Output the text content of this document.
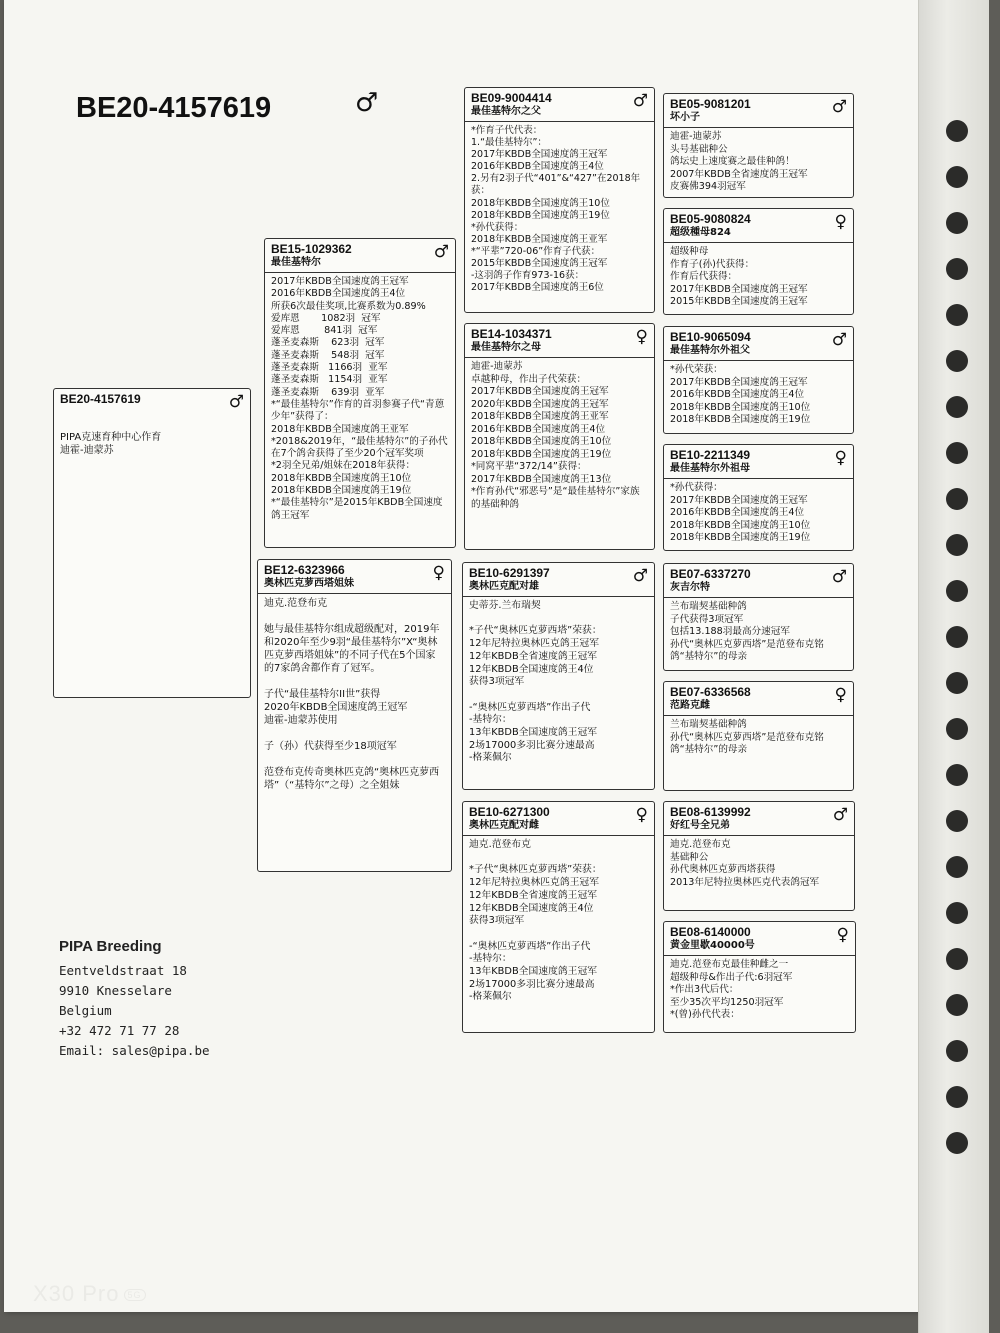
BE20-4157619	♂
BE20-4157619	♂
PIPA克速育种中心作育
迪霍-迪蒙苏
BE15-1029362
最佳基特尔
♂
2017年KBDB全国速度鸽王冠军
2016年KBDB全国速度鸽王4位
所获6次最佳奖项,比赛系数为0.89%
爱库恩       1082羽  冠军
爱库恩        841羽  冠军
蓬圣麦森斯    623羽  冠军
蓬圣麦森斯    548羽  冠军
蓬圣麦森斯   1166羽  亚军
蓬圣麦森斯   1154羽  亚军
蓬圣麦森斯    639羽  亚军
*“最佳基特尔”作育的首羽参赛子代“青蒽少年”获得了：
2018年KBDB全国速度鸽王亚军
*2018&2019年，“最佳基特尔”的子孙代在7个鸽舍获得了至少20个冠军奖项
*2羽全兄弟/姐妹在2018年获得：
2018年KBDB全国速度鸽王10位
2018年KBDB全国速度鸽王19位
*“最佳基特尔”是2015年KBDB全国速度鸽王冠军
BE12-6323966
奥林匹克萝西塔姐妹
♀
迪克.范登布克

她与最佳基特尔组成超级配对，2019年和2020年至少9羽“最佳基特尔”X“奥林匹克萝西塔姐妹”的不同子代在5个国家的7家鸽舍都作育了冠军。

子代“最佳基特尔II世”获得
2020年KBDB全国速度鸽王冠军
迪霍-迪蒙苏使用

子（孙）代获得至少18项冠军

范登布克传奇奥林匹克鸽“奥林匹克萝西塔”（“基特尔”之母）之全姐妹
BE09-9004414
最佳基特尔之父
♂
*作育子代代表：
1.“最佳基特尔”：
2017年KBDB全国速度鸽王冠军
2016年KBDB全国速度鸽王4位
2.另有2羽子代“401”&“427”在2018年获：
2018年KBDB全国速度鸽王10位
2018年KBDB全国速度鸽王19位
*孙代获得：
2018年KBDB全国速度鸽王亚军
*“平辈”720-06”作育子代获：
2015年KBDB全国速度鸽王冠军
-这羽鸽子作育973-16获：
2017年KBDB全国速度鸽王6位
BE14-1034371
最佳基特尔之母
♀
迪霍-迪蒙苏
卓越种母，作出子代荣获：
2017年KBDB全国速度鸽王冠军
2020年KBDB全国速度鸽王冠军
2018年KBDB全国速度鸽王亚军
2016年KBDB全国速度鸽王4位
2018年KBDB全国速度鸽王10位
2018年KBDB全国速度鸽王19位
*同窝平辈“372/14”获得：
2017年KBDB全国速度鸽王13位
*作育孙代“邪恶号”是“最佳基特尔”家族的基础种鸽
BE10-6291397
奥林匹克配对雄
♂
史蒂芬.兰布瑞契

*子代“奥林匹克萝西塔”荣获：
12年尼特拉奥林匹克鸽王冠军
12年KBDB全省速度鸽王冠军
12年KBDB全国速度鸽王4位
获得3项冠军

-“奥林匹克萝西塔”作出子代
-基特尔：
13年KBDB全国速度鸽王冠军
2场17000多羽比赛分速最高
-格莱佩尔
BE10-6271300
奥林匹克配对雌
♀
迪克.范登布克

*子代“奥林匹克萝西塔”荣获：
12年尼特拉奥林匹克鸽王冠军
12年KBDB全省速度鸽王冠军
12年KBDB全国速度鸽王4位
获得3项冠军

-“奥林匹克萝西塔”作出子代
-基特尔：
13年KBDB全国速度鸽王冠军
2场17000多羽比赛分速最高
-格莱佩尔
BE05-9081201
坏小子
♂
迪霍-迪蒙苏
头号基础种公
鸽坛史上速度赛之最佳种鸽！
2007年KBDB全省速度鸽王冠军
皮赛佛394羽冠军
BE05-9080824
超级種母824
♀
超级种母
作育子(孙)代获得：
作育后代获得：
2017年KBDB全国速度鸽王冠军
2015年KBDB全国速度鸽王冠军
BE10-9065094
最佳基特尔外祖父
♂
*孙代荣获：
2017年KBDB全国速度鸽王冠军
2016年KBDB全国速度鸽王4位
2018年KBDB全国速度鸽王10位
2018年KBDB全国速度鸽王19位
BE10-2211349
最佳基特尔外祖母
♀
*孙代获得：
2017年KBDB全国速度鸽王冠军
2016年KBDB全国速度鸽王4位
2018年KBDB全国速度鸽王10位
2018年KBDB全国速度鸽王19位
BE07-6337270
灰吉尔特
♂
兰布瑞契基础种鸽
子代获得3项冠军
包括13.188羽最高分速冠军
孙代“奥林匹克萝西塔”是范登布克铭鸽“基特尔”的母亲
BE07-6336568
范路克雌
♀
兰布瑞契基础种鸽
孙代“奥林匹克萝西塔”是范登布克铭鸽“基特尔”的母亲
BE08-6139992
好红号全兄弟
♂
迪克.范登布克
基础种公
孙代奥林匹克萝西塔获得
2013年尼特拉奥林匹克代表鸽冠军
BE08-6140000
黄金里歇40000号
♀
迪克.范登布克最佳种雌之一
超级种母&作出子代:6羽冠军
*作出3代后代：
至少35次平均1250羽冠军
*(曾)孙代代表：
PIPA Breeding
Eentveldstraat 18
9910 Knesselare
Belgium
+32 472 71 77 28
Email: sales@pipa.be
X30 Pro 5G
